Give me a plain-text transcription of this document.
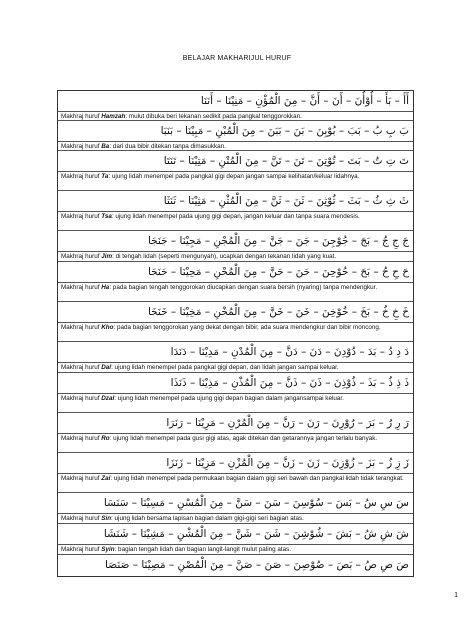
BELAJAR MAKHARIJUL HURUF
أَأَ – بَأَ – أُوْأُنَ – أَنَ – أَنَّ – مِنَ الْمُؤْنِ – مَنِيْنَا – أَنَنَا
Makhraj huruf Hamzah: mulut dibuka beri tekanan sedikit pada pangkal tenggorokkan.
بَ بِ بُ – بَبَ – بُوْبِنَ – بَنَ – بَبَنَ – مِنَ الْمُبْنِ – مَبِيْنَا – بَنَبَا
Makhraj huruf Ba: dari dua bibir ditekan tanpa dimasukkan.
تَ تِ تُ – بَتَ – تُوْتِنَ – تَنَ – تَنَّ – مِنَ الْمُتْنِ – مَتِيْنَا – تَنَتَا
Makhraj huruf Ta: ujung lidah menempel pada pangkal gigi depan jangan sampai kelihatan/keluar lidahnya.
ثَ ثِ ثُ – بَثَ – ثُوْثِنَ – ثَنَ – ثَنَّ – مِنَ الْمُثْنِ – مَثِيْنَا – ثَنَثَا
Makhraj huruf Tsa: ujung lidah menempel pada ujung gigi depan, jangan keluar dan tanpa suara mendesis.
جَ جِ جُ – بَجَ – جُوْجِنَ – جَنَ – جَنَّ – مِنَ الْمُجْنِ – مَجِيْنَا – جَنَجَا
Makhraj huruf Jim: di tengah lidah (seperti mengunyah), ucapkan dengan tekanan lidah yang kuat.
حَ حِ حُ – بَحَ – حُوْحِنَ – حَنَ – حَنَّ – مِنَ الْمُحْنِ – مَحِيْنَا – حَنَحَا
Makhraj huruf Ha: pada bagian tengah tenggorokan diucapkan dengan suara bersih (nyaring) tanpa mendengkur.
خَ خِ خُ – بَخَ – خُوْخِنَ – خَنَ – خَنَّ – مِنَ الْمُخْنِ – مَخِيْنَا – خَنَخَا
Makhraj huruf Kho: pada bagian tenggorokan yang dekat dengan bibir, ada suara mendengkur dan bibir moncong.
دَ دِ دُ – بَدَ – دُوْدِنَ – دَنَ – دَنَّ – مِنَ الْمُدْنِ – مَدِيْنَا – دَنَدَا
Makhraj huruf Dal: ujung lidah menempel pada pangkal gigi depan, dan lidah jangan sampai keluar.
ذَ ذِ ذُ – بَذَ – ذُوْذِنَ – ذَنَ – ذَنَّ – مِنَ الْمُذْنِ – مَذِيْنَا – ذَنَذَا
Makhraj huruf Dzal: ujung lidah menempel pada ujung gigi depan bagian dalam jangansampai keluar.
رَ رِ رُ – بَرَ – رُوْرِنَ – رَنَ – رَنَّ – مِنَ الْمُرْنِ – مَرِيْنَا – رَنَرَا
Makhraj huruf Ro: ujung lidah menempel pada gusi gigi atas, agak ditekan dan getarannya jangan terlalu banyak.
زَ زِ زُ – بَزَ – زُوْزِنَ – زَنَ – زَنَّ – مِنَ الْمُزْنِ – مَزِيْنَا – زَنَزَا
Makhraj huruf Zai: ujung lidah menempel pada permukaan bagian dalam gigi seri bawah dan pangkal lidah tidak terangkat.
سَ سِ سُ – بَسَ – سُوْسِنَ – سَنَ – سَنَّ – مِنَ الْمُسْنِ – مَسِيْنَا – سَنَسَا
Makhraj huruf Sin: ujung lidah bersama lapisan bagian dalam gigi-gigi seri bagian atas.
شَ شِ شُ – بَشَ – شُوْشِنَ – شَنَ – شَنَّ – مِنَ الْمُشْنِ – مَشِيْنَا – شَنَشَا
Makhraj huruf Syin: bagian tengah lidah dan bagian langit-langit mulut paling atas.
صَ صِ صُ – بَصَ – صُوْصِنَ – صَنَ – صَنَّ – مِنَ الْمُصْنِ – مَصِيْنَا – صَنَصَا
1
